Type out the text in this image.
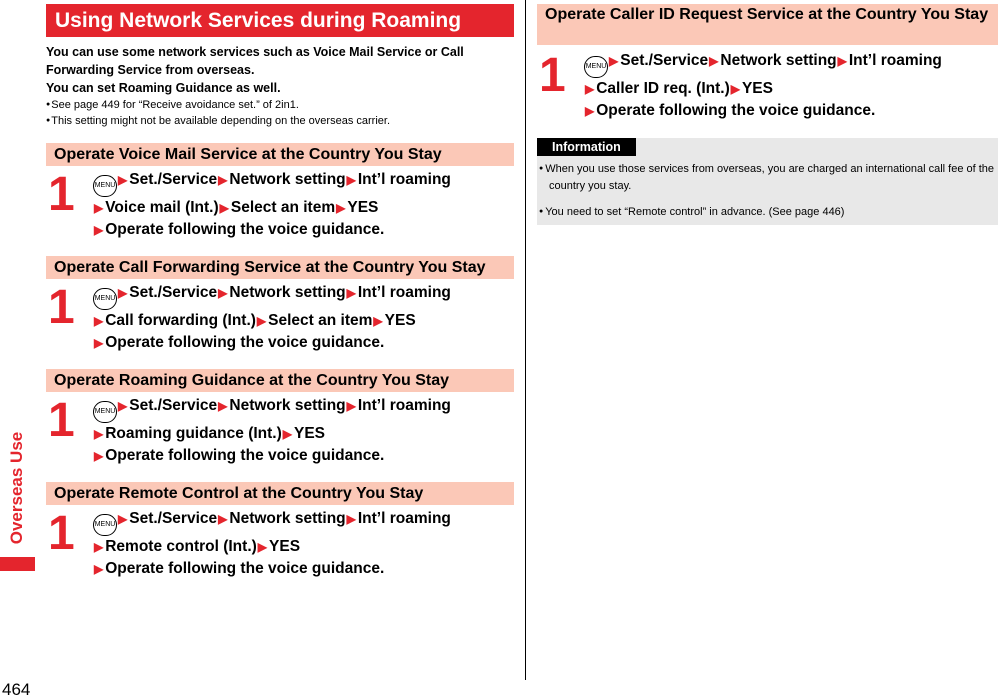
Overseas Use
464
Using Network Services during Roaming
You can use some network services such as Voice Mail Service or Call Forwarding Service from overseas.
You can set Roaming Guidance as well.
● See page 449 for “Receive avoidance set.” of 2in1.
● This setting might not be available depending on the overseas carrier.
Operate Voice Mail Service at the Country You Stay
1	MENU ▶ Set./Service▶ Network setting▶ Int’l roaming
▶ Voice mail (Int.)▶ Select an item▶ YES
▶ Operate following the voice guidance.
Operate Call Forwarding Service at the Country You Stay
1	MENU ▶ Set./Service▶ Network setting▶ Int’l roaming
▶ Call forwarding (Int.)▶ Select an item▶ YES
▶ Operate following the voice guidance.
Operate Roaming Guidance at the Country You Stay
1	MENU ▶ Set./Service▶ Network setting▶ Int’l roaming
▶ Roaming guidance (Int.)▶ YES
▶ Operate following the voice guidance.
Operate Remote Control at the Country You Stay
1	MENU ▶ Set./Service▶ Network setting▶ Int’l roaming
▶ Remote control (Int.)▶ YES
▶ Operate following the voice guidance.
Operate Caller ID Request Service at the Country You Stay
1	MENU ▶ Set./Service▶ Network setting▶ Int’l roaming
▶ Caller ID req. (Int.)▶ YES
▶ Operate following the voice guidance.
Information
● When you use those services from overseas, you are charged an international call fee of the country you stay.
● You need to set “Remote control” in advance. (See page 446)
